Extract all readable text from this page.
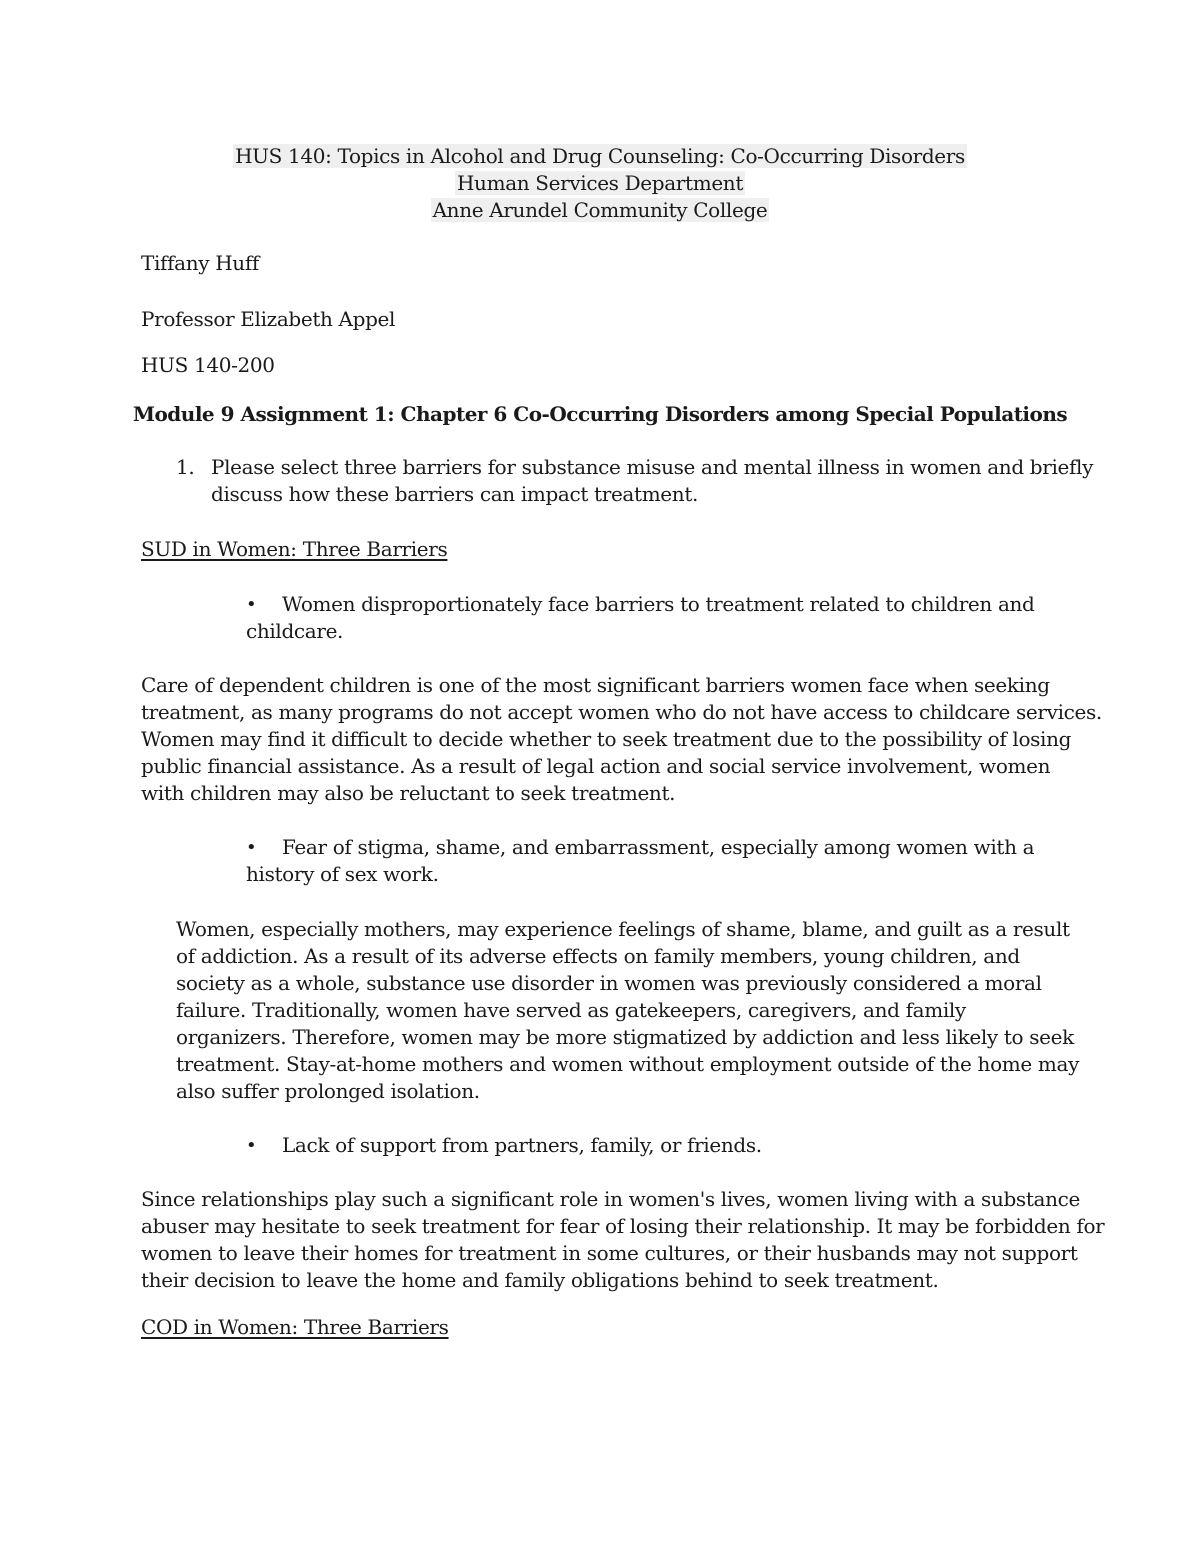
HUS 140: Topics in Alcohol and Drug Counseling: Co-Occurring Disorders
Human Services Department
Anne Arundel Community College
Tiffany Huff
Professor Elizabeth Appel
HUS 140-200
Module 9 Assignment 1: Chapter 6 Co-Occurring Disorders among Special Populations
1. Please select three barriers for substance misuse and mental illness in women and briefly
discuss how these barriers can impact treatment.
SUD in Women: Three Barriers
• Women disproportionately face barriers to treatment related to children and
childcare.
Care of dependent children is one of the most significant barriers women face when seeking
treatment, as many programs do not accept women who do not have access to childcare services.
Women may find it difficult to decide whether to seek treatment due to the possibility of losing
public financial assistance. As a result of legal action and social service involvement, women
with children may also be reluctant to seek treatment.
• Fear of stigma, shame, and embarrassment, especially among women with a
history of sex work.
Women, especially mothers, may experience feelings of shame, blame, and guilt as a result
of addiction. As a result of its adverse effects on family members, young children, and
society as a whole, substance use disorder in women was previously considered a moral
failure. Traditionally, women have served as gatekeepers, caregivers, and family
organizers. Therefore, women may be more stigmatized by addiction and less likely to seek
treatment. Stay-at-home mothers and women without employment outside of the home may
also suffer prolonged isolation.
• Lack of support from partners, family, or friends.
Since relationships play such a significant role in women's lives, women living with a substance
abuser may hesitate to seek treatment for fear of losing their relationship. It may be forbidden for
women to leave their homes for treatment in some cultures, or their husbands may not support
their decision to leave the home and family obligations behind to seek treatment.
COD in Women: Three Barriers
